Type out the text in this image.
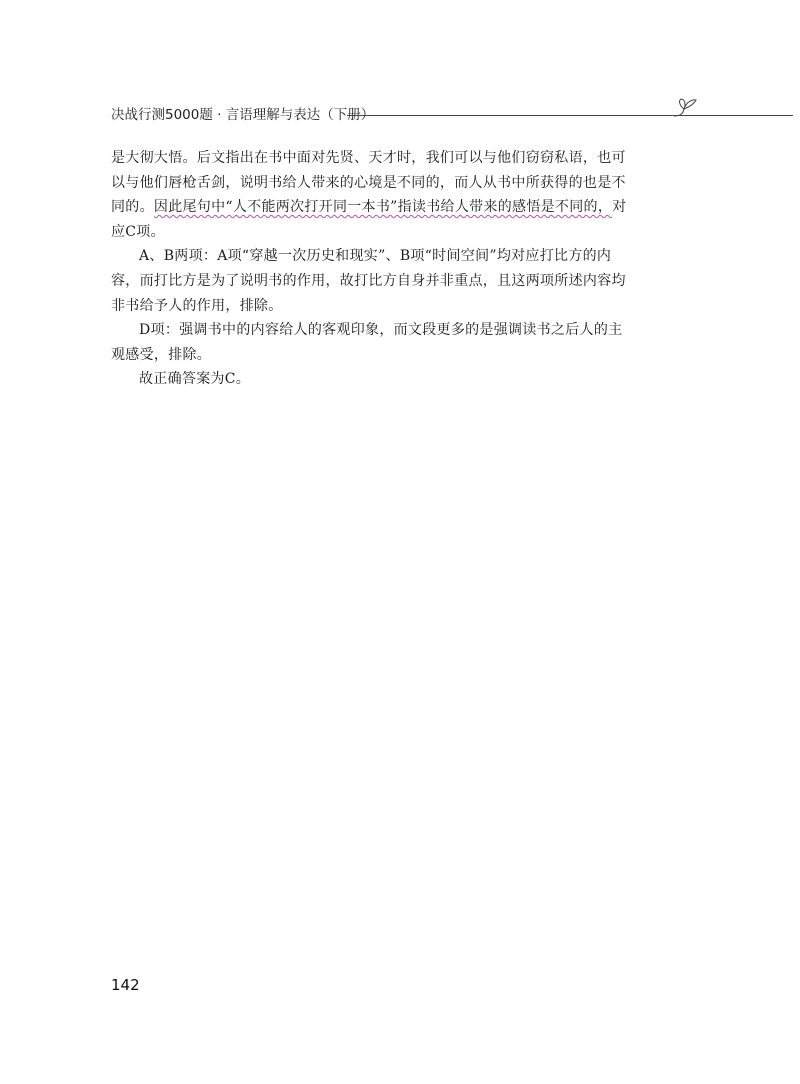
决战行测5000题 · 言语理解与表达（下册）

是大彻大悟。后文指出在书中面对先贤、天才时，我们可以与他们窃窃私语，也可以与他们唇枪舌剑，说明书给人带来的心境是不同的，而人从书中所获得的也是不同的。因此尾句中“人不能两次打开同一本书”指读书给人带来的感悟是不同的，对应C项。

A、B两项：A项“穿越一次历史和现实”、B项“时间空间”均对应打比方的内容，而打比方是为了说明书的作用，故打比方自身并非重点，且这两项所述内容均非书给予人的作用，排除。

D项：强调书中的内容给人的客观印象，而文段更多的是强调读书之后人的主观感受，排除。

故正确答案为C。

142
